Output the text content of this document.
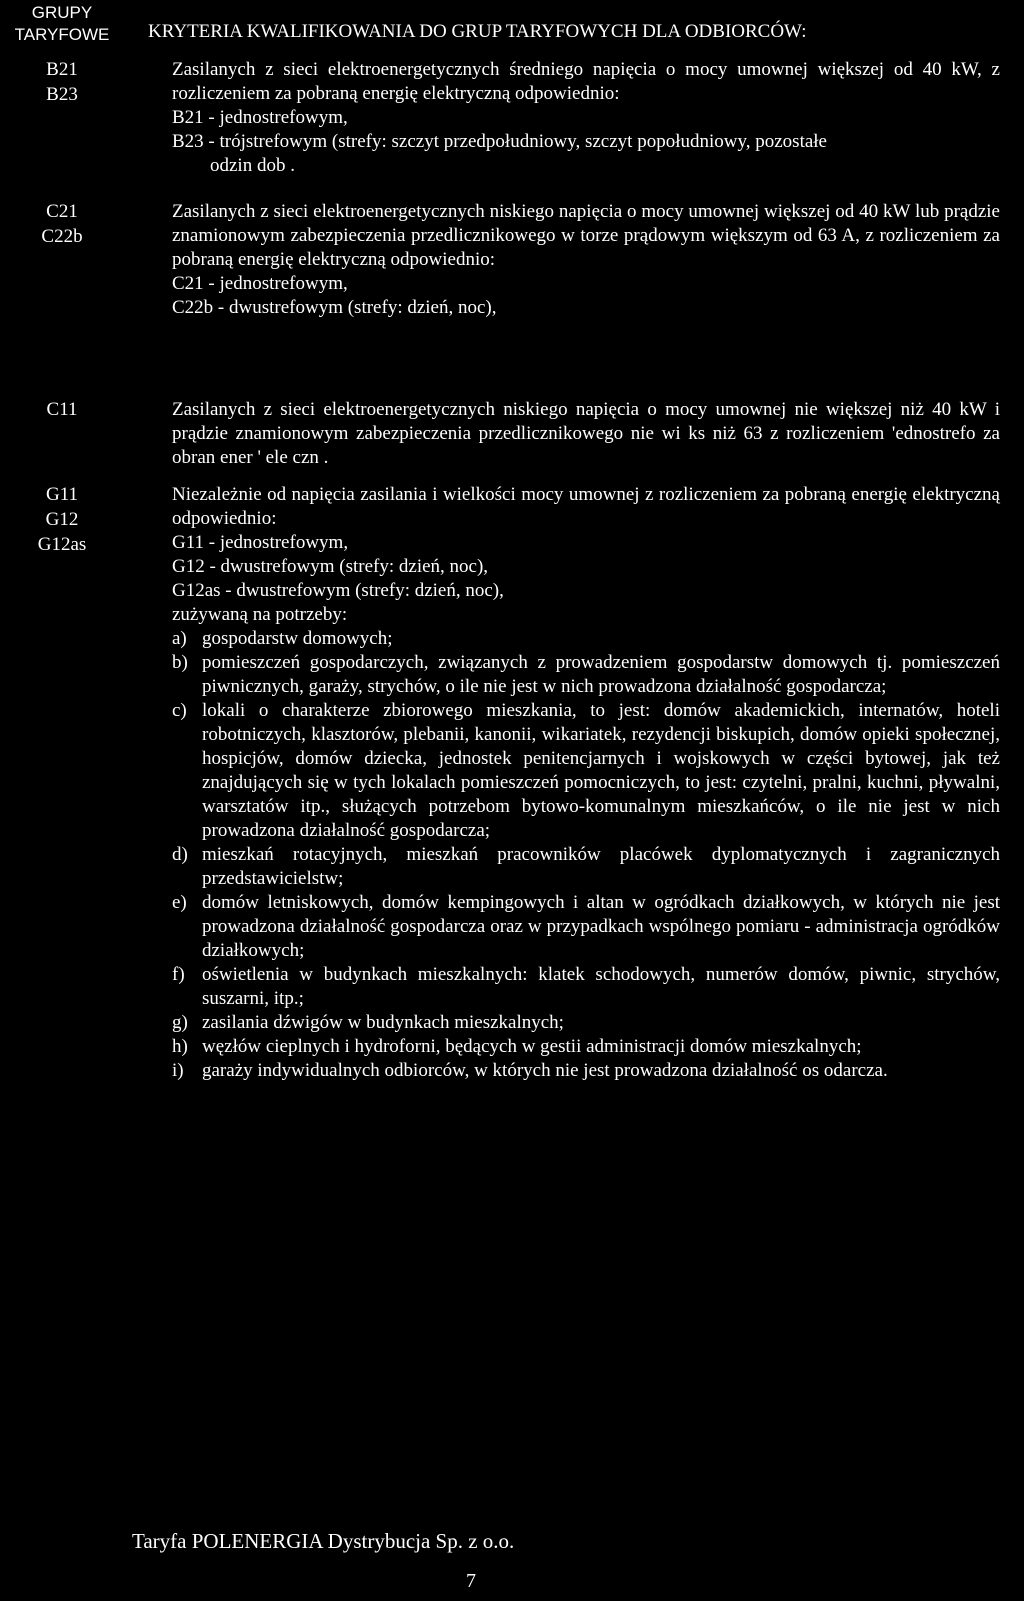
GRUPY
TARYFOWE	KRYTERIA KWALIFIKOWANIA DO GRUP TARYFOWYCH DLA ODBIORCÓW:
B21
B23

Zasilanych z sieci elektroenergetycznych średniego napięcia o mocy umownej większej od 40 kW, z rozliczeniem za pobraną energię elektryczną odpowiednio:

B21 - jednostrefowym,
B23 - trójstrefowym (strefy: szczyt przedpołudniowy, szczyt popołudniowy, pozostałe
odzin dob .
C21
C22b

Zasilanych z sieci elektroenergetycznych niskiego napięcia o mocy umownej większej od 40 kW lub prądzie znamionowym zabezpieczenia przedlicznikowego w torze prądowym większym od 63 A, z rozliczeniem za pobraną energię elektryczną odpowiednio:

C21 - jednostrefowym,
C22b - dwustrefowym (strefy: dzień, noc),
C11	Zasilanych z sieci elektroenergetycznych niskiego napięcia o mocy umownej nie większej niż 40 kW i prądzie znamionowym zabezpieczenia przedlicznikowego nie wi ks niż 63 z rozliczeniem 'ednostrefo za obran ener ' ele czn .

G11
G12
G12as

Niezależnie od napięcia zasilania i wielkości mocy umownej z rozliczeniem za pobraną energię elektryczną odpowiednio:

G11 - jednostrefowym,
G12 - dwustrefowym (strefy: dzień, noc),
G12as - dwustrefowym (strefy: dzień, noc),
zużywaną na potrzeby:
a) gospodarstw domowych;
b) pomieszczeń gospodarczych, związanych z prowadzeniem gospodarstw domowych tj. pomieszczeń piwnicznych, garaży, strychów, o ile nie jest w nich prowadzona działalność gospodarcza;
c) lokali o charakterze zbiorowego mieszkania, to jest: domów akademickich, internatów, hoteli robotniczych, klasztorów, plebanii, kanonii, wikariatek, rezydencji biskupich, domów opieki społecznej, hospicjów, domów dziecka, jednostek penitencjarnych i wojskowych w części bytowej, jak też znajdujących się w tych lokalach pomieszczeń pomocniczych, to jest: czytelni, pralni, kuchni, pływalni, warsztatów itp., służących potrzebom bytowo-komunalnym mieszkańców, o ile nie jest w nich prowadzona działalność gospodarcza;
d) mieszkań rotacyjnych, mieszkań pracowników placówek dyplomatycznych i zagranicznych przedstawicielstw;
e) domów letniskowych, domów kempingowych i altan w ogródkach działkowych, w których nie jest prowadzona działalność gospodarcza oraz w przypadkach wspólnego pomiaru - administracja ogródków działkowych;
f) oświetlenia w budynkach mieszkalnych: klatek schodowych, numerów domów, piwnic, strychów, suszarni, itp.;
g) zasilania dźwigów w budynkach mieszkalnych;
h) węzłów cieplnych i hydroforni, będących w gestii administracji domów mieszkalnych;
i) garaży indywidualnych odbiorców, w których nie jest prowadzona działalność os odarcza.
Taryfa POLENERGIA Dystrybucja Sp. z o.o.
7
